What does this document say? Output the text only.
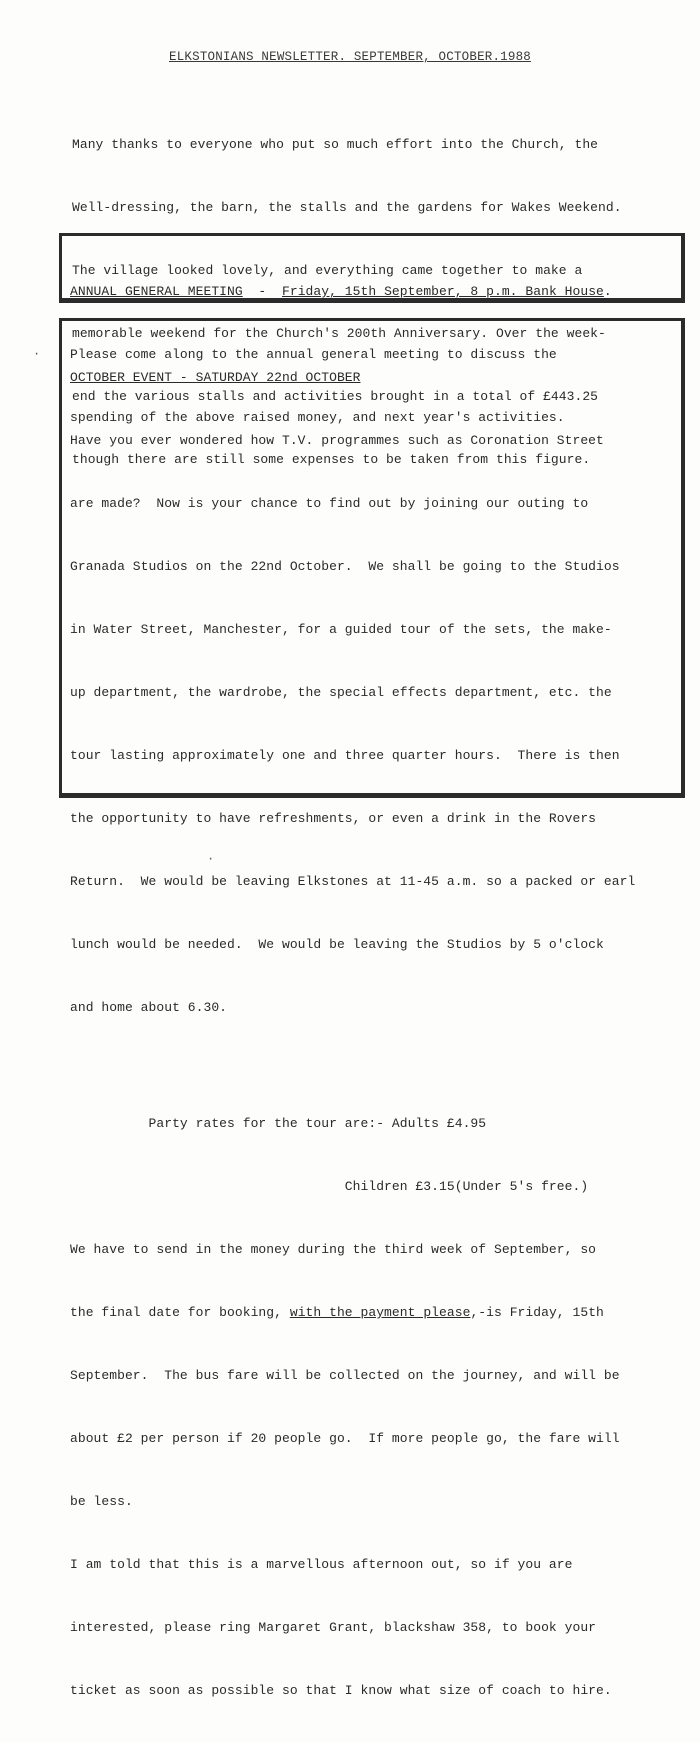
ELKSTONIANS NEWSLETTER. SEPTEMBER, OCTOBER.1988

Many thanks to everyone who put so much effort into the Church, the

Well-dressing, the barn, the stalls and the gardens for Wakes Weekend.

The village looked lovely, and everything came together to make a

memorable weekend for the Church's 200th Anniversary. Over the week-

end the various stalls and activities brought in a total of £443.25

though there are still some expenses to be taken from this figure.

ANNUAL GENERAL MEETING  -  Friday, 15th September, 8 p.m. Bank House.

Please come along to the annual general meeting to discuss the

spending of the above raised money, and next year's activities.

OCTOBER EVENT - SATURDAY 22nd OCTOBER

Have you ever wondered how T.V. programmes such as Coronation Street

are made?  Now is your chance to find out by joining our outing to

Granada Studios on the 22nd October.  We shall be going to the Studios

in Water Street, Manchester, for a guided tour of the sets, the make-

up department, the wardrobe, the special effects department, etc. the

tour lasting approximately one and three quarter hours.  There is then

the opportunity to have refreshments, or even a drink in the Rovers

Return.  We would be leaving Elkstones at 11-45 a.m. so a packed or earl

lunch would be needed.  We would be leaving the Studios by 5 o'clock

and home about 6.30.

Party rates for the tour are:- Adults £4.95

Children £3.15(Under 5's free.)

We have to send in the money during the third week of September, so

the final date for booking, with the payment please,-is Friday, 15th

September.  The bus fare will be collected on the journey, and will be

about £2 per person if 20 people go.  If more people go, the fare will

be less.

I am told that this is a marvellous afternoon out, so if you are

interested, please ring Margaret Grant, blackshaw 358, to book your

ticket as soon as possible so that I know what size of coach to hire.

·
·
